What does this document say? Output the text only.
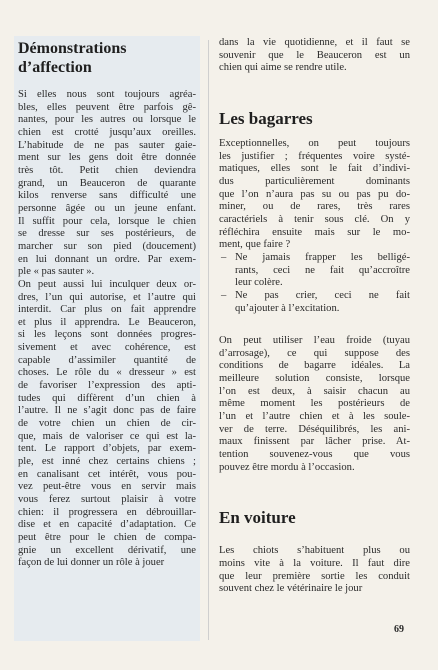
Démonstrations
d’affection

Si elles nous sont toujours agréa-
bles, elles peuvent être parfois gê-
nantes, pour les autres ou lorsque le
chien est crotté jusqu’aux oreilles.
L’habitude de ne pas sauter gaie-
ment sur les gens doit être donnée
très tôt. Petit chien deviendra
grand, un Beauceron de quarante
kilos renverse sans difficulté une
personne âgée ou un jeune enfant.
Il suffit pour cela, lorsque le chien
se dresse sur ses postérieurs, de
marcher sur son pied (doucement)
en lui donnant un ordre. Par exem-
ple « pas sauter ».
On peut aussi lui inculquer deux or-
dres, l’un qui autorise, et l’autre qui
interdit. Car plus on fait apprendre
et plus il apprendra. Le Beauceron,
si les leçons sont données progres-
sivement et avec cohérence, est
capable d’assimiler quantité de
choses. Le rôle du « dresseur » est
de favoriser l’expression des apti-
tudes qui diffèrent d’un chien à
l’autre. Il ne s’agit donc pas de faire
de votre chien un chien de cir-
que, mais de valoriser ce qui est la-
tent. Le rapport d’objets, par exem-
ple, est inné chez certains chiens ;
en canalisant cet intérêt, vous pou-
vez peut-être vous en servir mais
vous ferez surtout plaisir à votre
chien: il progressera en débrouillar-
dise et en capacité d’adaptation. Ce
peut être pour le chien de compa-
gnie un excellent dérivatif, une
façon de lui donner un rôle à jouer

dans la vie quotidienne, et il faut se
souvenir que le Beauceron est un
chien qui aime se rendre utile.

Les bagarres

Exceptionnelles, on peut toujours
les justifier ; fréquentes voire systé-
matiques, elles sont le fait d’indivi-
dus particulièrement dominants
que l’on n’aura pas su ou pas pu do-
miner, ou de rares, très rares
caractériels à tenir sous clé. On y
réfléchira ensuite mais sur le mo-
ment, que faire ?

– Ne jamais frapper les belligé-
rants, ceci ne fait qu’accroître
leur colère.
– Ne pas crier, ceci ne fait
qu’ajouter à l’excitation.

On peut utiliser l’eau froide (tuyau
d’arrosage), ce qui suppose des
conditions de bagarre idéales. La
meilleure solution consiste, lorsque
l’on est deux, à saisir chacun au
même moment les postérieurs de
l’un et l’autre chien et à les soule-
ver de terre. Déséquilibrés, les ani-
maux finissent par lâcher prise. At-
tention souvenez-vous que vous
pouvez être mordu à l’occasion.

En voiture

Les chiots s’habituent plus ou
moins vite à la voiture. Il faut dire
que leur première sortie les conduit
souvent chez le vétérinaire le jour

69
